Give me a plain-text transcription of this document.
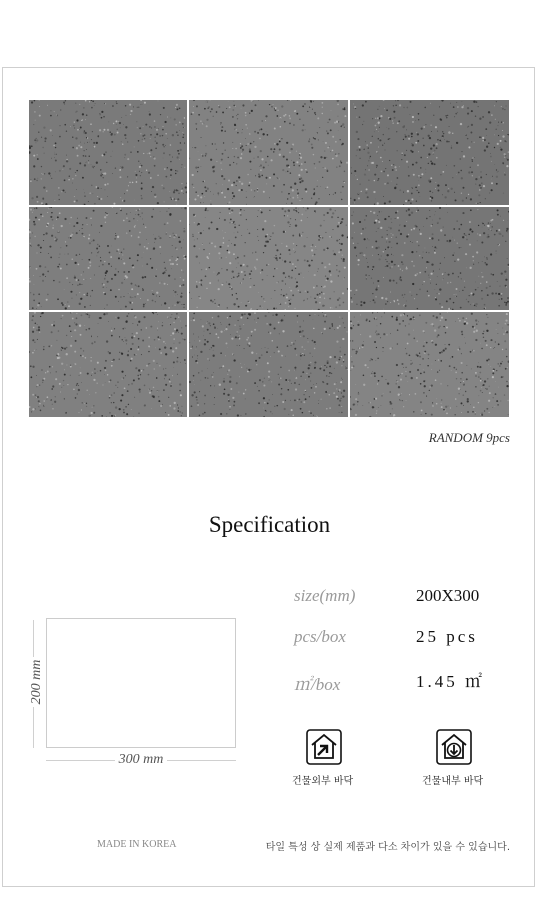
RANDOM 9pcs
Specification
300 mm
200 mm
size(mm)	200X300
pcs/box	25 pcs
㎡/box	1.45 ㎡
건물외부 바닥	건물내부 바닥
MADE IN KOREA	타일 특성 상 실제 제품과 다소 차이가 있을 수 있습니다.
